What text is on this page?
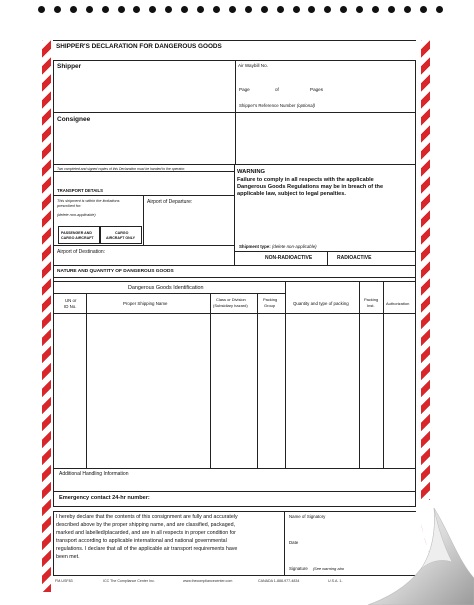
SHIPPER'S DECLARATION FOR DANGEROUS GOODS
Shipper	Air Waybill No.
Page	of	Pages
Shipper's Reference Number (optional)
Consignee
Two completed and signed copies of this Declaration must be handed to the operator.	WARNING
Failure to comply in all respects with the applicable
Dangerous Goods Regulations may be in breach of the
applicable law, subject to legal penalties.
TRANSPORT DETAILS
This shipment is within the limitations
prescribed for:
(delete non-applicable)
PASSENGER AND
CARGO AIRCRAFT
CARGO
AIRCRAFT ONLY
Airport of Departure:
Airport of Destination:
Shipment type: (delete non-applicable)
NON-RADIOACTIVE	RADIOACTIVE
NATURE AND QUANTITY OF DANGEROUS GOODS
Dangerous Goods Identification
UN or
ID No.
Proper Shipping Name
Class or Division
(Subsidiary hazard)
Packing
Group	Quantity and type of packing
Packing
Inst.	Authorization
Additional Handling Information
Emergency contact 24-hr number:
I hereby declare that the contents of this consignment are fully and accurately
described above by the proper shipping name, and are classified, packaged,
marked and labelled/placarded, and are in all respects in proper condition for
transport according to applicable international and national governmental
regulations. I declare that all of the applicable air transport requirements have
been met.
Name of Signatory
Date
Signature (See warning abo
FM-USF83	ICC The Compliance Center Inc.	www.thecompliancecenter.com	CANADA 1-888-977-4834	U.S.A. 1-
